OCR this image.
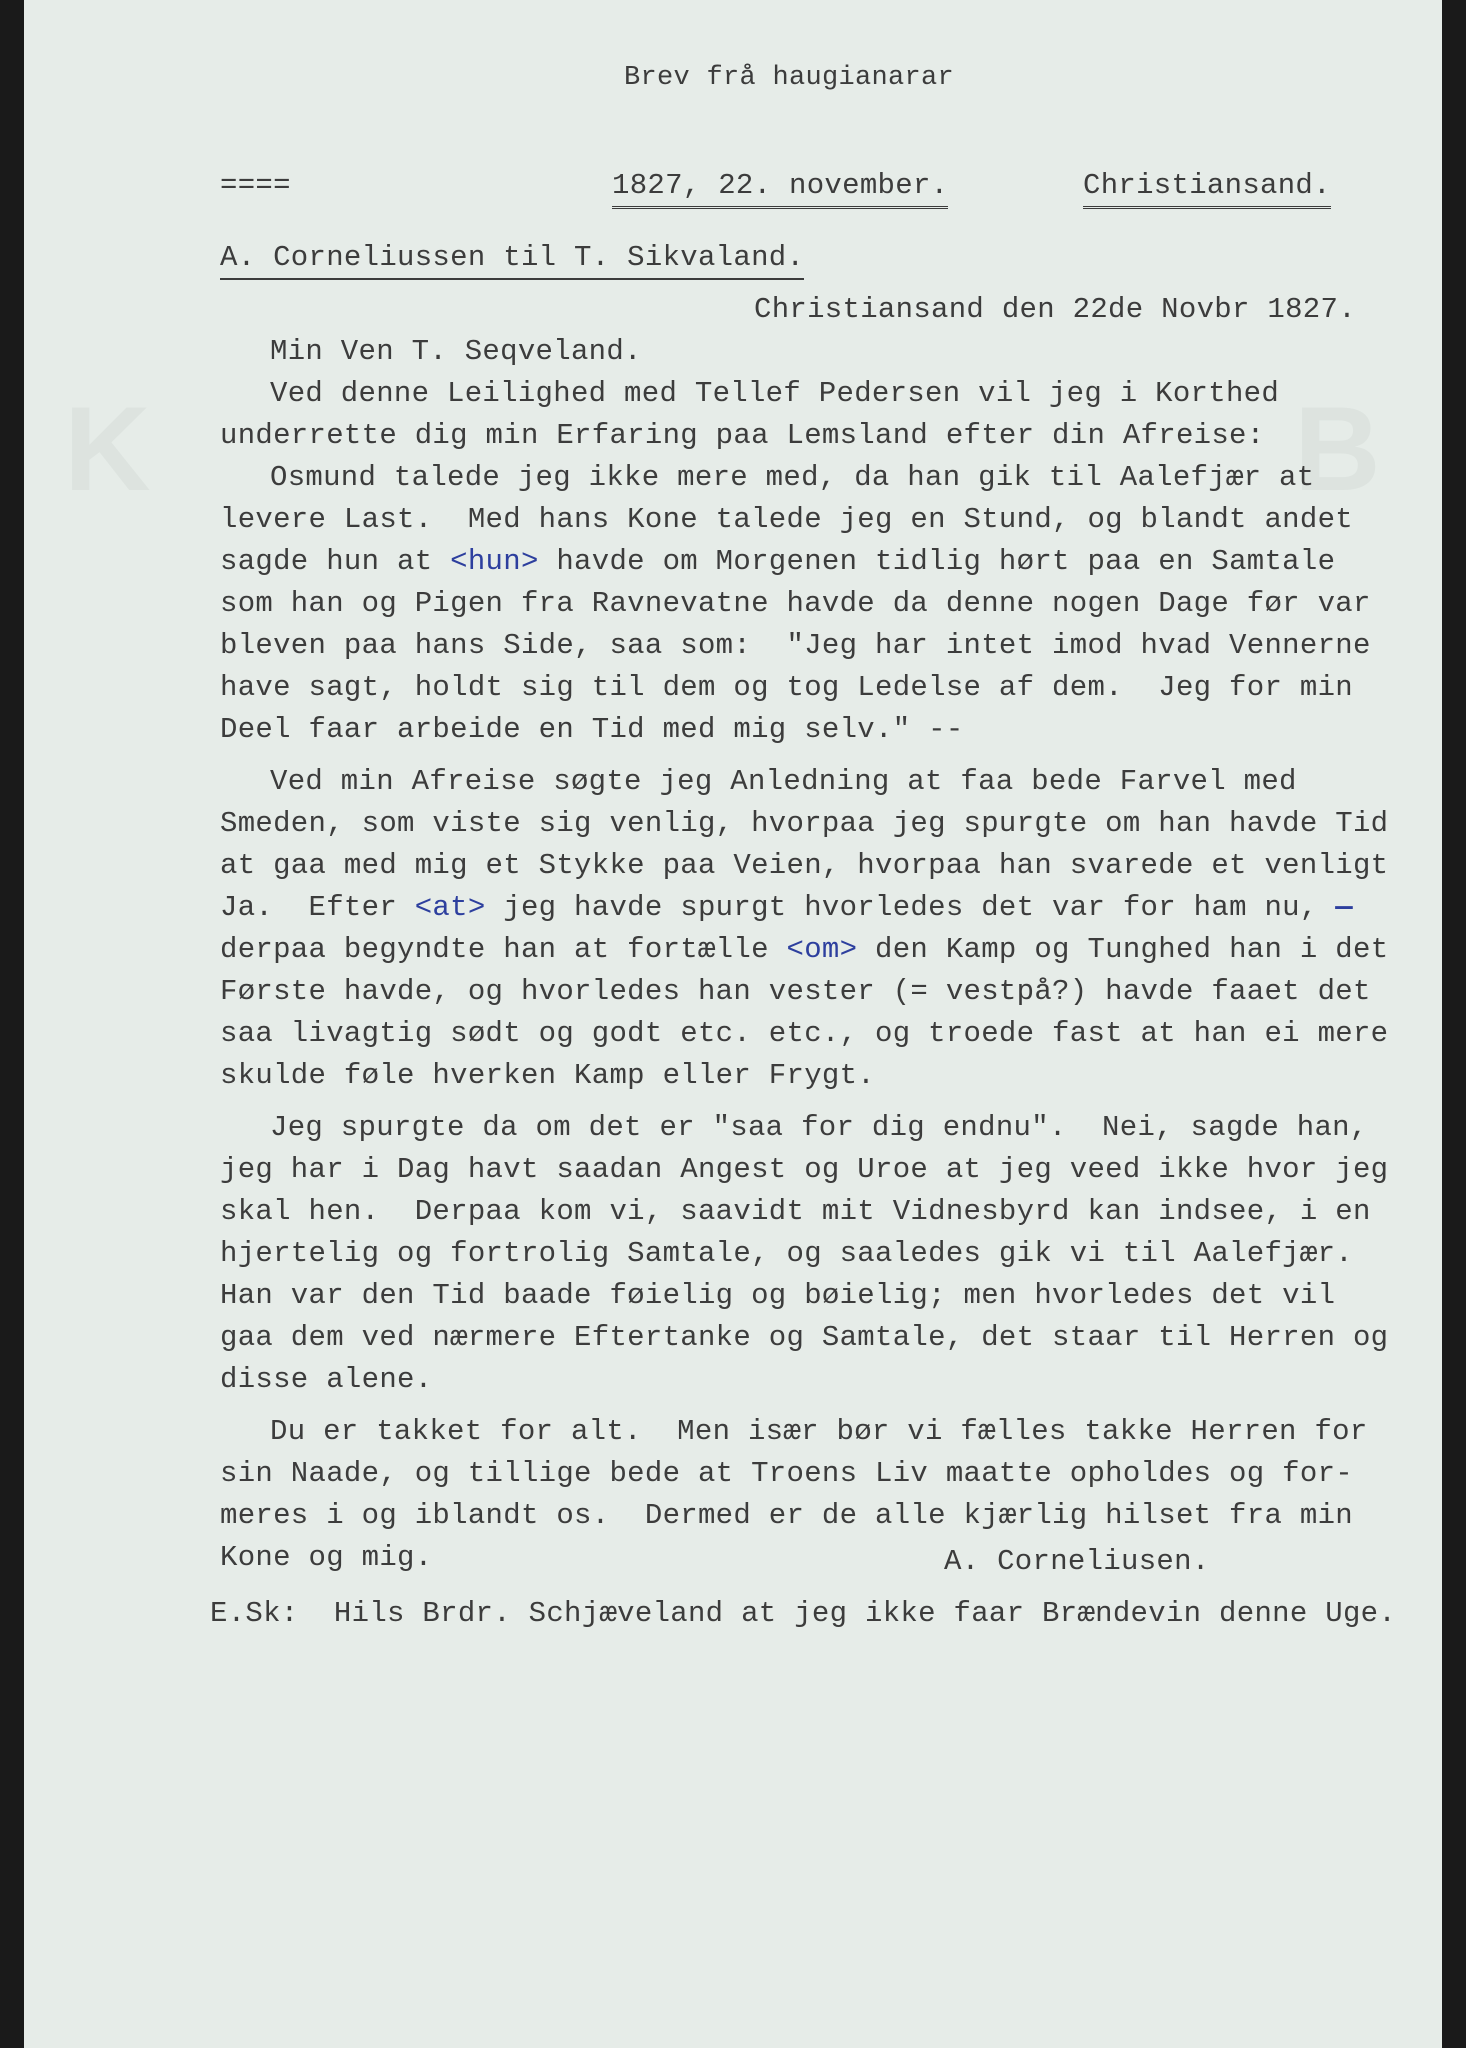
K	B
Brev frå haugianarar
====	1827, 22. november.	Christiansand.
A. Corneliussen til T. Sikvaland.
Christiansand den 22de Novbr 1827.
Min Ven T. Seqveland.
Ved denne Leilighed med Tellef Pedersen vil jeg i Korthed
underrette dig min Erfaring paa Lemsland efter din Afreise:
Osmund talede jeg ikke mere med, da han gik til Aalefjær at
levere Last.  Med hans Kone talede jeg en Stund, og blandt andet
sagde hun at <hun> havde om Morgenen tidlig hørt paa en Samtale
som han og Pigen fra Ravnevatne havde da denne nogen Dage før var
bleven paa hans Side, saa som:  "Jeg har intet imod hvad Vennerne
have sagt, holdt sig til dem og tog Ledelse af dem.  Jeg for min
Deel faar arbeide en Tid med mig selv." --
Ved min Afreise søgte jeg Anledning at faa bede Farvel med
Smeden, som viste sig venlig, hvorpaa jeg spurgte om han havde Tid
at gaa med mig et Stykke paa Veien, hvorpaa han svarede et venligt
Ja.  Efter <at> jeg havde spurgt hvorledes det var for ham nu, —
derpaa begyndte han at fortælle <om> den Kamp og Tunghed han i det
Første havde, og hvorledes han vester (= vestpå?) havde faaet det
saa livagtig sødt og godt etc. etc., og troede fast at han ei mere
skulde føle hverken Kamp eller Frygt.
Jeg spurgte da om det er "saa for dig endnu".  Nei, sagde han,
jeg har i Dag havt saadan Angest og Uroe at jeg veed ikke hvor jeg
skal hen.  Derpaa kom vi, saavidt mit Vidnesbyrd kan indsee, i en
hjertelig og fortrolig Samtale, og saaledes gik vi til Aalefjær.
Han var den Tid baade føielig og bøielig; men hvorledes det vil
gaa dem ved nærmere Eftertanke og Samtale, det staar til Herren og
disse alene.
Du er takket for alt.  Men især bør vi fælles takke Herren for
sin Naade, og tillige bede at Troens Liv maatte opholdes og for-
meres i og iblandt os.  Dermed er de alle kjærlig hilset fra min
Kone og mig.	A. Corneliusen.
E.Sk:  Hils Brdr. Schjæveland at jeg ikke faar Brændevin denne Uge.
